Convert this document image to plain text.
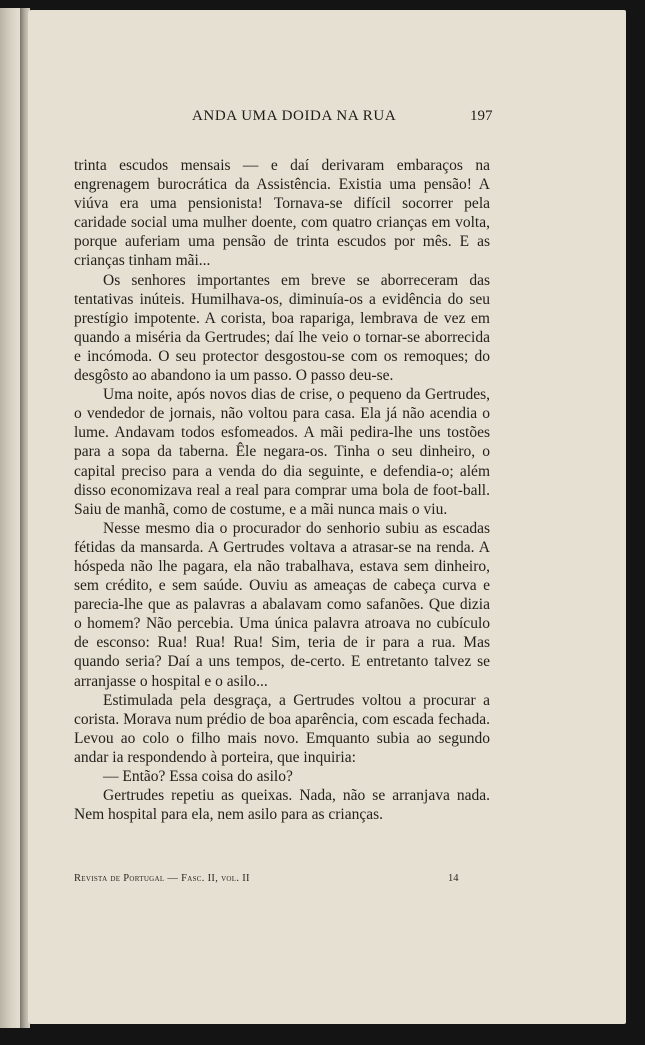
ANDA UMA DOIDA NA RUA	197

trinta escudos mensais — e daí derivaram embaraços na engrenagem burocrática da Assistência. Existia uma pensão! A viúva era uma pensionista! Tornava-se difícil socorrer pela caridade social uma mulher doente, com quatro crianças em volta, porque auferiam uma pensão de trinta escudos por mês. E as crianças tinham mãi...

Os senhores importantes em breve se aborreceram das tentativas inúteis. Humilhava-os, diminuía-os a evidência do seu prestígio impotente. A corista, boa rapariga, lembrava de vez em quando a miséria da Gertrudes; daí lhe veio o tornar-se aborrecida e incómoda. O seu protector desgostou-se com os remoques; do desgôsto ao abandono ia um passo. O passo deu-se.

Uma noite, após novos dias de crise, o pequeno da Gertrudes, o vendedor de jornais, não voltou para casa. Ela já não acendia o lume. Andavam todos esfomeados. A mãi pedira-lhe uns tostões para a sopa da taberna. Êle negara-os. Tinha o seu dinheiro, o capital preciso para a venda do dia seguinte, e defendia-o; além disso economizava real a real para comprar uma bola de foot-ball. Saiu de manhã, como de costume, e a mãi nunca mais o viu.

Nesse mesmo dia o procurador do senhorio subiu as escadas fétidas da mansarda. A Gertrudes voltava a atrasar-se na renda. A hóspeda não lhe pagara, ela não trabalhava, estava sem dinheiro, sem crédito, e sem saúde. Ouviu as ameaças de cabeça curva e parecia-lhe que as palavras a abalavam como safanões. Que dizia o homem? Não percebia. Uma única palavra atroava no cubículo de esconso: Rua! Rua! Rua! Sim, teria de ir para a rua. Mas quando seria? Daí a uns tempos, de-certo. E entretanto talvez se arranjasse o hospital e o asilo...

Estimulada pela desgraça, a Gertrudes voltou a procurar a corista. Morava num prédio de boa aparência, com escada fechada. Levou ao colo o filho mais novo. Emquanto subia ao segundo andar ia respondendo à porteira, que inquiria:

— Então? Essa coisa do asilo?

Gertrudes repetiu as queixas. Nada, não se arranjava nada. Nem hospital para ela, nem asilo para as crianças.

Revista de Portugal — Fasc. II, vol. II	14
